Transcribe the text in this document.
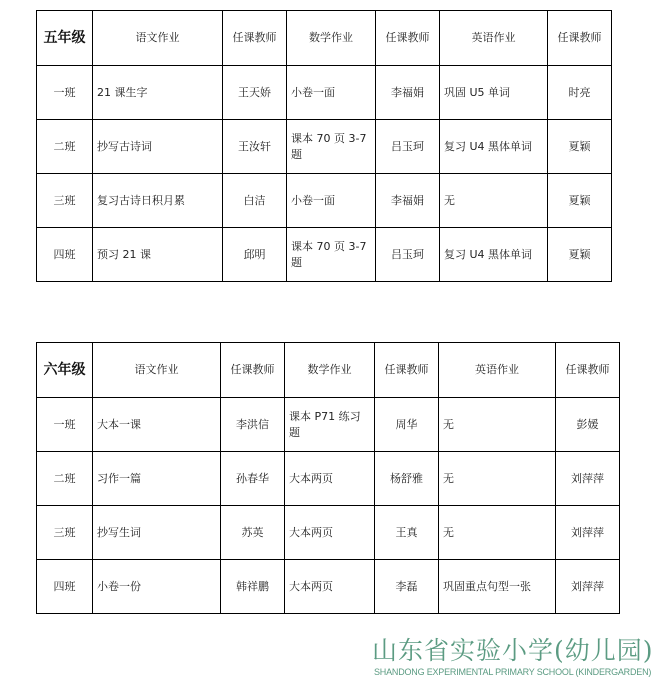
五年级	语文作业	任课教师	数学作业	任课教师	英语作业	任课教师
一班	21 课生字	王天娇	小卷一面	李福娟	巩固 U5 单词	时亮
二班	抄写古诗词	王汝轩	课本 70 页 3-7 题	吕玉珂	复习 U4 黑体单词	夏颖
三班	复习古诗日积月累	白洁	小卷一面	李福娟	无	夏颖
四班	预习 21 课	邱明	课本 70 页 3-7 题	吕玉珂	复习 U4 黑体单词	夏颖
六年级	语文作业	任课教师	数学作业	任课教师	英语作业	任课教师
一班	大本一课	李洪信	课本 P71 练习题	周华	无	彭媛
二班	习作一篇	孙春华	大本两页	杨舒雅	无	刘萍萍
三班	抄写生词	苏英	大本两页	王真	无	刘萍萍
四班	小卷一份	韩祥鹏	大本两页	李磊	巩固重点句型一张	刘萍萍
山东省实验小学(幼儿园)
SHANDONG EXPERIMENTAL PRIMARY SCHOOL (KINDERGARDEN)
